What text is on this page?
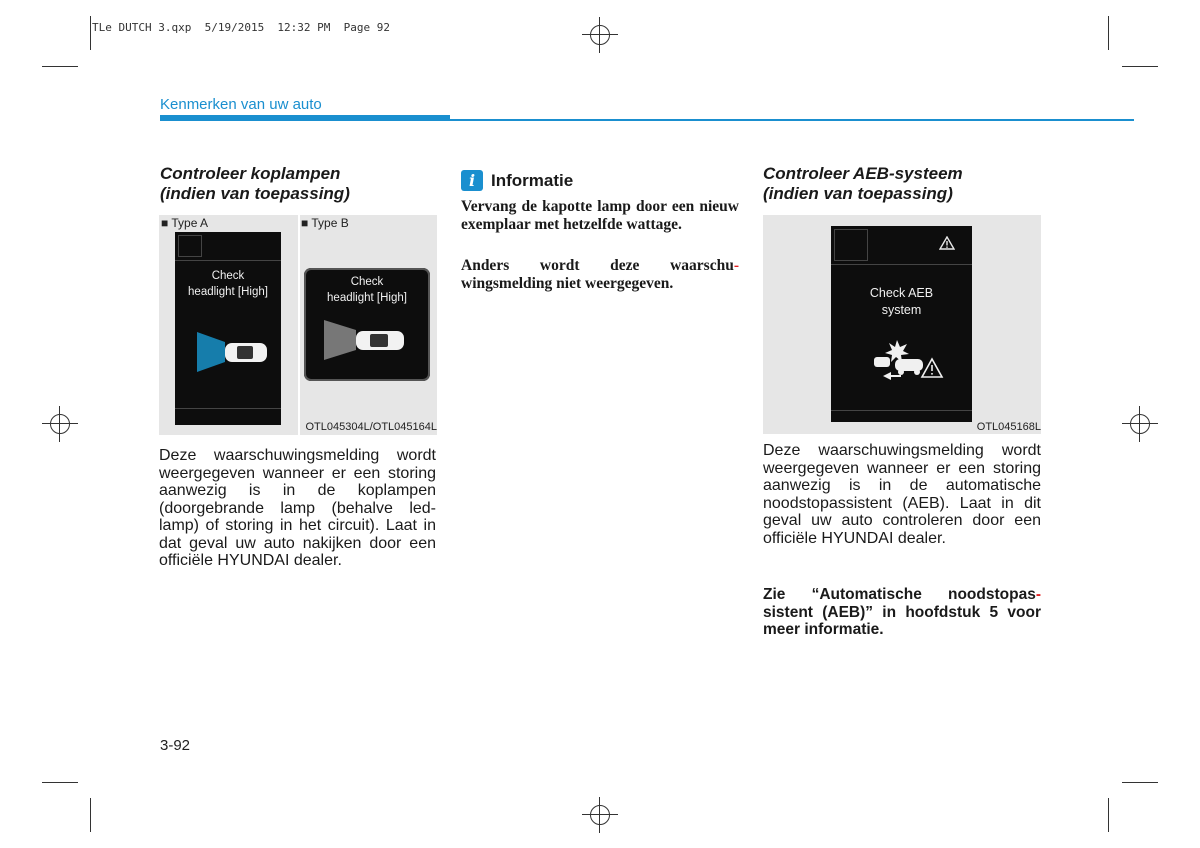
TLe DUTCH 3.qxp  5/19/2015  12:32 PM  Page 92
Kenmerken van uw auto
Controleer koplampen
(indien van toepassing)
■ Type A	■ Type B
Check
headlight [High]
Check
headlight [High]
OTL045304L/OTL045164L
Deze waarschuwingsmelding wordt weergegeven wanneer er een storing aanwezig is in de koplampen (doorgebrande lamp (behalve led-lamp) of storing in het circuit). Laat in dat geval uw auto nakijken door een officiële HYUNDAI dealer.
i Informatie
Vervang de kapotte lamp door een nieuw exemplaar met hetzelfde wattage.
Anders wordt deze waarschu- wingsmelding niet weergegeven.
Controleer AEB-systeem
(indien van toepassing)
Check AEB
system
OTL045168L
Deze waarschuwingsmelding wordt weergegeven wanneer er een storing aanwezig is in de automatische noodstopassistent (AEB). Laat in dit geval uw auto controleren door een officiële HYUNDAI dealer.
Zie “Automatische noodstopas- sistent (AEB)” in hoofdstuk 5 voor meer informatie.
3-92
